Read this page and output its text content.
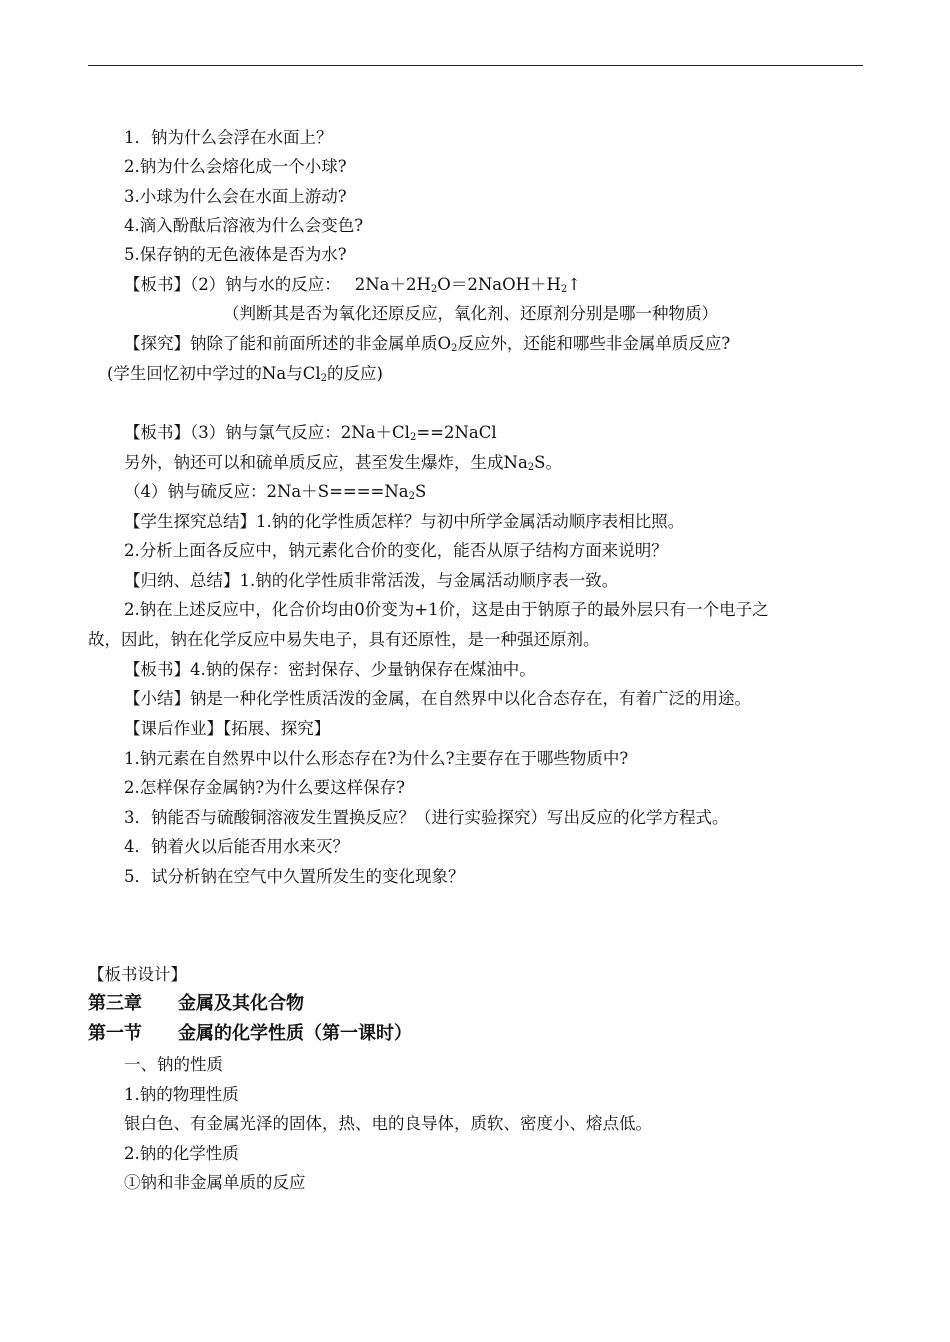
1．钠为什么会浮在水面上？
2.钠为什么会熔化成一个小球?
3.小球为什么会在水面上游动?
4.滴入酚酞后溶液为什么会变色?
5.保存钠的无色液体是否为水?
【板书】（2）钠与水的反应： $2Na+2H_2O=2NaOH+H_2↑$
（判断其是否为氧化还原反应，氧化剂、还原剂分别是哪一种物质）
【探究】钠除了能和前面所述的非金属单质$O_2$反应外，还能和哪些非金属单质反应?
(学生回忆初中学过的Na与$Cl_2$的反应)
【板书】（3）钠与氯气反应：$2Na+Cl_2==2NaCl$
另外，钠还可以和硫单质反应，甚至发生爆炸，生成$Na_2S$。
（4）钠与硫反应：$2Na+S====Na_2S$
【学生探究总结】1.钠的化学性质怎样？与初中所学金属活动顺序表相比照。
2.分析上面各反应中，钠元素化合价的变化，能否从原子结构方面来说明？
【归纳、总结】1.钠的化学性质非常活泼，与金属活动顺序表一致。
2.钠在上述反应中，化合价均由0价变为+1价，这是由于钠原子的最外层只有一个电子之
故，因此，钠在化学反应中易失电子，具有还原性，是一种强还原剂。
【板书】4.钠的保存：密封保存、少量钠保存在煤油中。
【小结】钠是一种化学性质活泼的金属，在自然界中以化合态存在，有着广泛的用途。
【课后作业】【拓展、探究】
1.钠元素在自然界中以什么形态存在?为什么?主要存在于哪些物质中?
2.怎样保存金属钠?为什么要这样保存?
3．钠能否与硫酸铜溶液发生置换反应？（进行实验探究）写出反应的化学方程式。
4．钠着火以后能否用水来灭？
5．试分析钠在空气中久置所发生的变化现象？
【板书设计】
第三章 金属及其化合物
第一节 金属的化学性质（第一课时）
一、钠的性质
1.钠的物理性质
银白色、有金属光泽的固体，热、电的良导体，质软、密度小、熔点低。
2.钠的化学性质
①钠和非金属单质的反应
